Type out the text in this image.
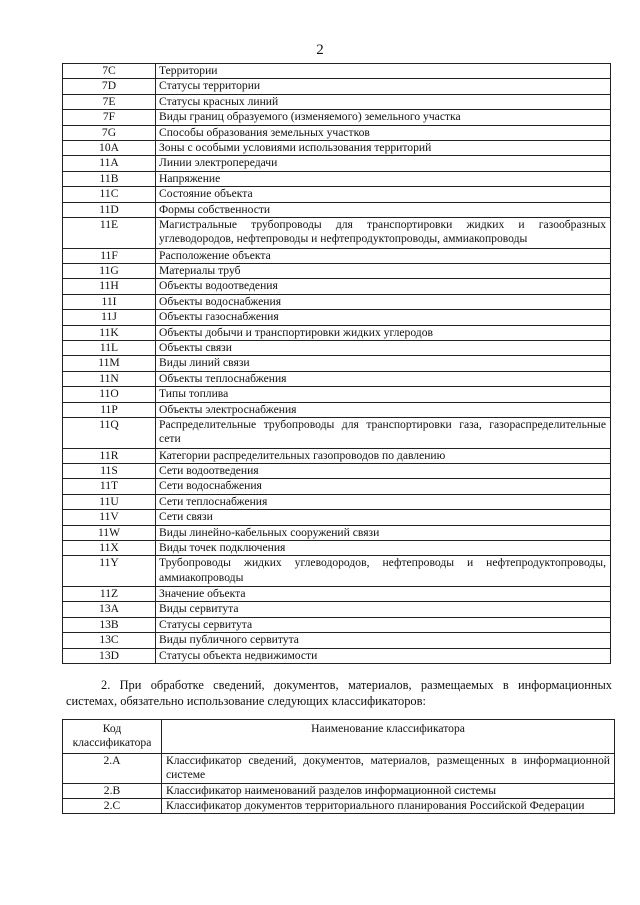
2
7C	Территории
7D	Статусы территории
7E	Статусы красных линий
7F	Виды границ образуемого (изменяемого) земельного участка
7G	Способы образования земельных участков
10A	Зоны с особыми условиями использования территорий
11A	Линии электропередачи
11B	Напряжение
11C	Состояние объекта
11D	Формы собственности
11E	Магистральные трубопроводы для транспортировки жидких и газообразных углеводородов, нефтепроводы и нефтепродуктопроводы, аммиакопроводы
11F	Расположение объекта
11G	Материалы труб
11H	Объекты водоотведения
11I	Объекты водоснабжения
11J	Объекты газоснабжения
11K	Объекты добычи и транспортировки жидких углеродов
11L	Объекты связи
11M	Виды линий связи
11N	Объекты теплоснабжения
11O	Типы топлива
11P	Объекты электроснабжения
11Q	Распределительные трубопроводы для транспортировки газа, газораспределительные сети
11R	Категории распределительных газопроводов по давлению
11S	Сети водоотведения
11T	Сети водоснабжения
11U	Сети теплоснабжения
11V	Сети связи
11W	Виды линейно-кабельных сооружений связи
11X	Виды точек подключения
11Y	Трубопроводы жидких углеводородов, нефтепроводы и нефтепродуктопроводы, аммиакопроводы
11Z	Значение объекта
13A	Виды сервитута
13B	Статусы сервитута
13C	Виды публичного сервитута
13D	Статусы объекта недвижимости

2. При обработке сведений, документов, материалов, размещаемых в информационных системах, обязательно использование следующих классификаторов:

Код классификатора	Наименование классификатора
2.A	Классификатор сведений, документов, материалов, размещенных в информационной системе
2.B	Классификатор наименований разделов информационной системы
2.C	Классификатор документов территориального планирования Российской Федерации
